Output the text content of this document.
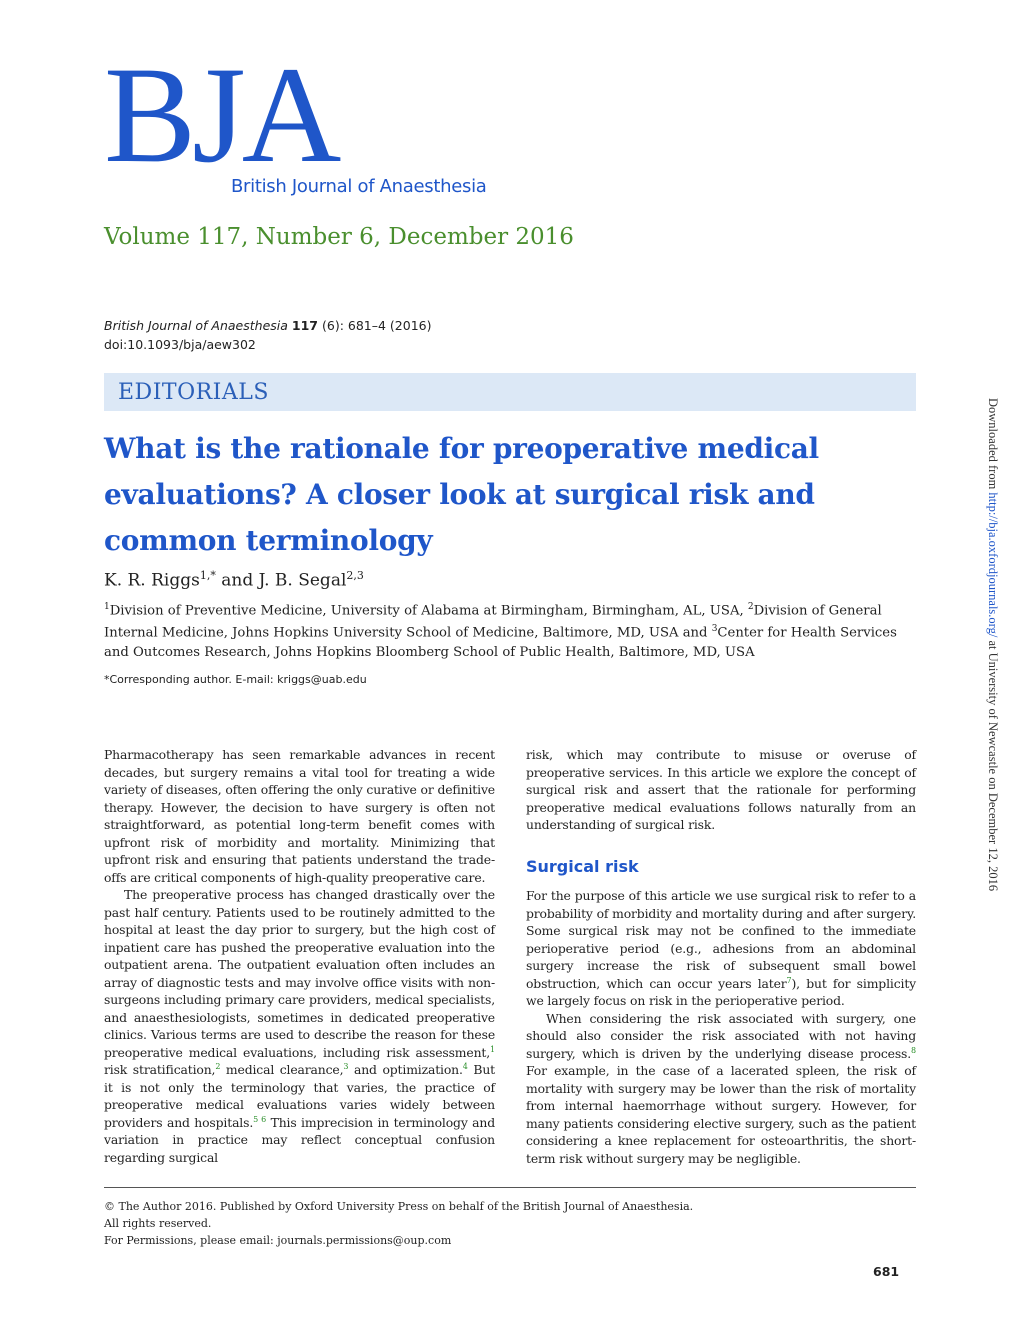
BJA
British Journal of Anaesthesia
Volume 117, Number 6, December 2016
British Journal of Anaesthesia 117 (6): 681–4 (2016)
doi:10.1093/bja/aew302
EDITORIALS
What is the rationale for preoperative medical evaluations? A closer look at surgical risk and common terminology
K. R. Riggs$^{1,*}$ and J. B. Segal$^{2,3}$
$^1$Division of Preventive Medicine, University of Alabama at Birmingham, Birmingham, AL, USA, $^2$Division of General Internal Medicine, Johns Hopkins University School of Medicine, Baltimore, MD, USA and $^3$Center for Health Services and Outcomes Research, Johns Hopkins Bloomberg School of Public Health, Baltimore, MD, USA
*Corresponding author. E-mail: kriggs@uab.edu

Pharmacotherapy has seen remarkable advances in recent decades, but surgery remains a vital tool for treating a wide variety of diseases, often offering the only curative or definitive therapy. However, the decision to have surgery is often not straightforward, as potential long-term benefit comes with upfront risk of morbidity and mortality. Minimizing that upfront risk and ensuring that patients understand the trade-offs are critical components of high-quality preoperative care.

The preoperative process has changed drastically over the past half century. Patients used to be routinely admitted to the hospital at least the day prior to surgery, but the high cost of inpatient care has pushed the preoperative evaluation into the outpatient arena. The outpatient evaluation often includes an array of diagnostic tests and may involve office visits with non-surgeons including primary care providers, medical specialists, and anaesthesiologists, sometimes in dedicated preoperative clinics. Various terms are used to describe the reason for these preoperative medical evaluations, including risk assessment,$^1$ risk stratification,$^2$ medical clearance,$^3$ and optimization.$^4$ But it is not only the terminology that varies, the practice of preoperative medical evaluations varies widely between providers and hospitals.$^{5 6}$ This imprecision in terminology and variation in practice may reflect conceptual confusion regarding surgical

risk, which may contribute to misuse or overuse of preoperative services. In this article we explore the concept of surgical risk and assert that the rationale for performing preoperative medical evaluations follows naturally from an understanding of surgical risk.

Surgical risk

For the purpose of this article we use surgical risk to refer to a probability of morbidity and mortality during and after surgery. Some surgical risk may not be confined to the immediate perioperative period (e.g., adhesions from an abdominal surgery increase the risk of subsequent small bowel obstruction, which can occur years later$^7$), but for simplicity we largely focus on risk in the perioperative period.

When considering the risk associated with surgery, one should also consider the risk associated with not having surgery, which is driven by the underlying disease process.$^8$ For example, in the case of a lacerated spleen, the risk of mortality with surgery may be lower than the risk of mortality from internal haemorrhage without surgery. However, for many patients considering elective surgery, such as the patient considering a knee replacement for osteoarthritis, the short-term risk without surgery may be negligible.

© The Author 2016. Published by Oxford University Press on behalf of the British Journal of Anaesthesia.
All rights reserved.
For Permissions, please email: journals.permissions@oup.com
681
Downloaded from http://bja.oxfordjournals.org/ at University of Newcastle on December 12, 2016
